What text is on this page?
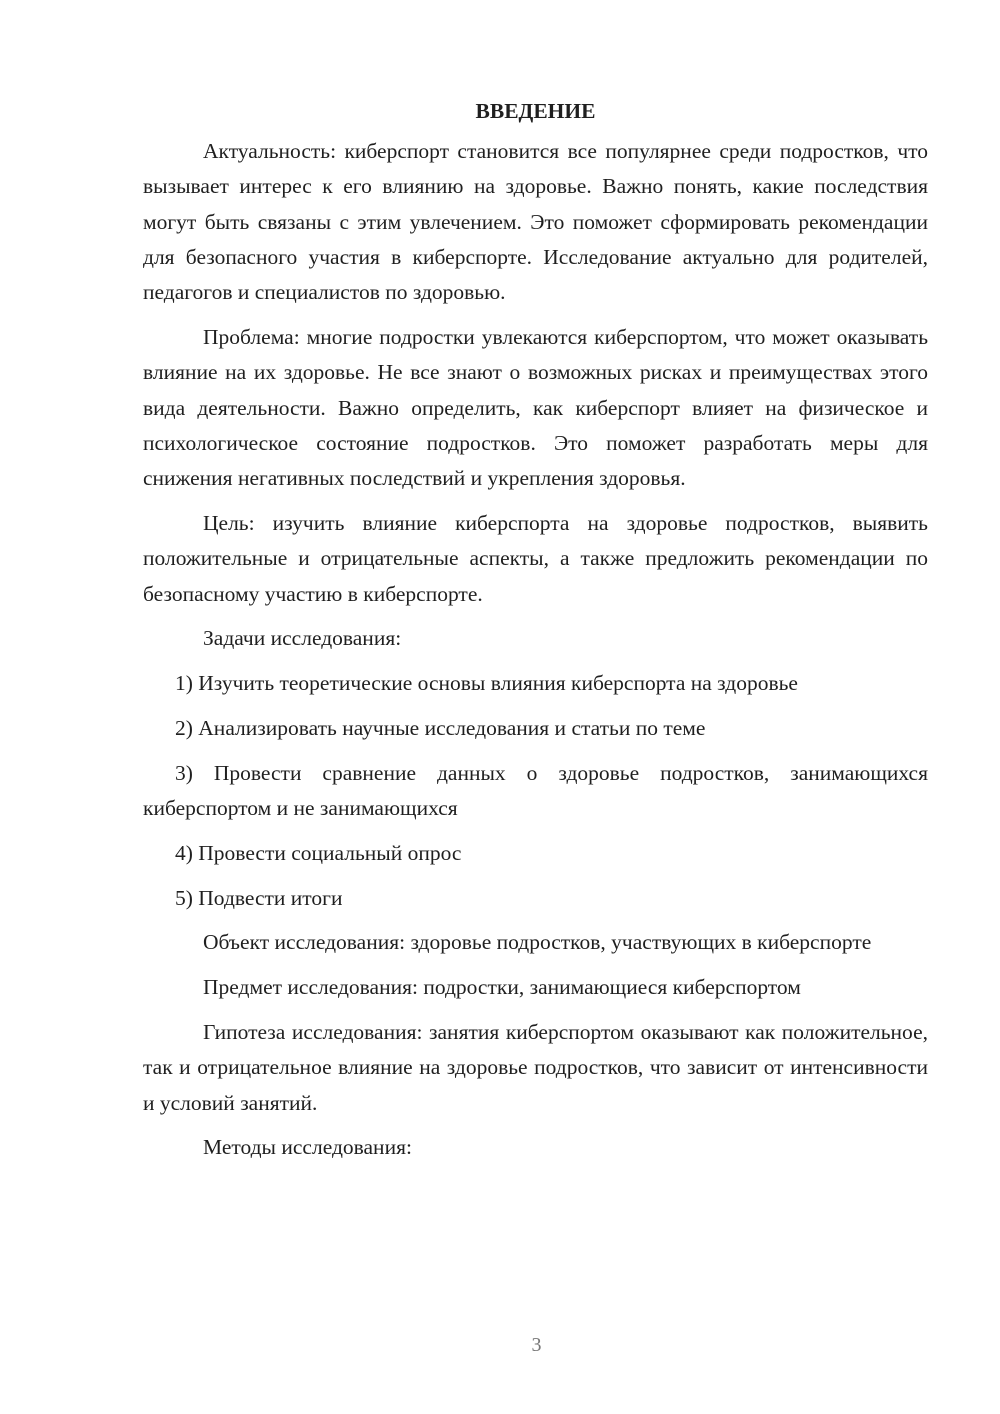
ВВЕДЕНИЕ

Актуальность: киберспорт становится все популярнее среди подростков, что вызывает интерес к его влиянию на здоровье. Важно понять, какие последствия могут быть связаны с этим увлечением. Это поможет сформировать рекомендации для безопасного участия в киберспорте. Исследование актуально для родителей, педагогов и специалистов по здоровью.

Проблема: многие подростки увлекаются киберспортом, что может оказывать влияние на их здоровье. Не все знают о возможных рисках и преимуществах этого вида деятельности. Важно определить, как киберспорт влияет на физическое и психологическое состояние подростков. Это поможет разработать меры для снижения негативных последствий и укрепления здоровья.

Цель: изучить влияние киберспорта на здоровье подростков, выявить положительные и отрицательные аспекты, а также предложить рекомендации по безопасному участию в киберспорте.

Задачи исследования:

1) Изучить теоретические основы влияния киберспорта на здоровье

2) Анализировать научные исследования и статьи по теме

3) Провести сравнение данных о здоровье подростков, занимающихся киберспортом и не занимающихся

4) Провести социальный опрос

5) Подвести итоги

Объект исследования: здоровье подростков, участвующих в киберспорте

Предмет исследования: подростки, занимающиеся киберспортом

Гипотеза исследования: занятия киберспортом оказывают как положительное, так и отрицательное влияние на здоровье подростков, что зависит от интенсивности и условий занятий.

Методы исследования:

3
